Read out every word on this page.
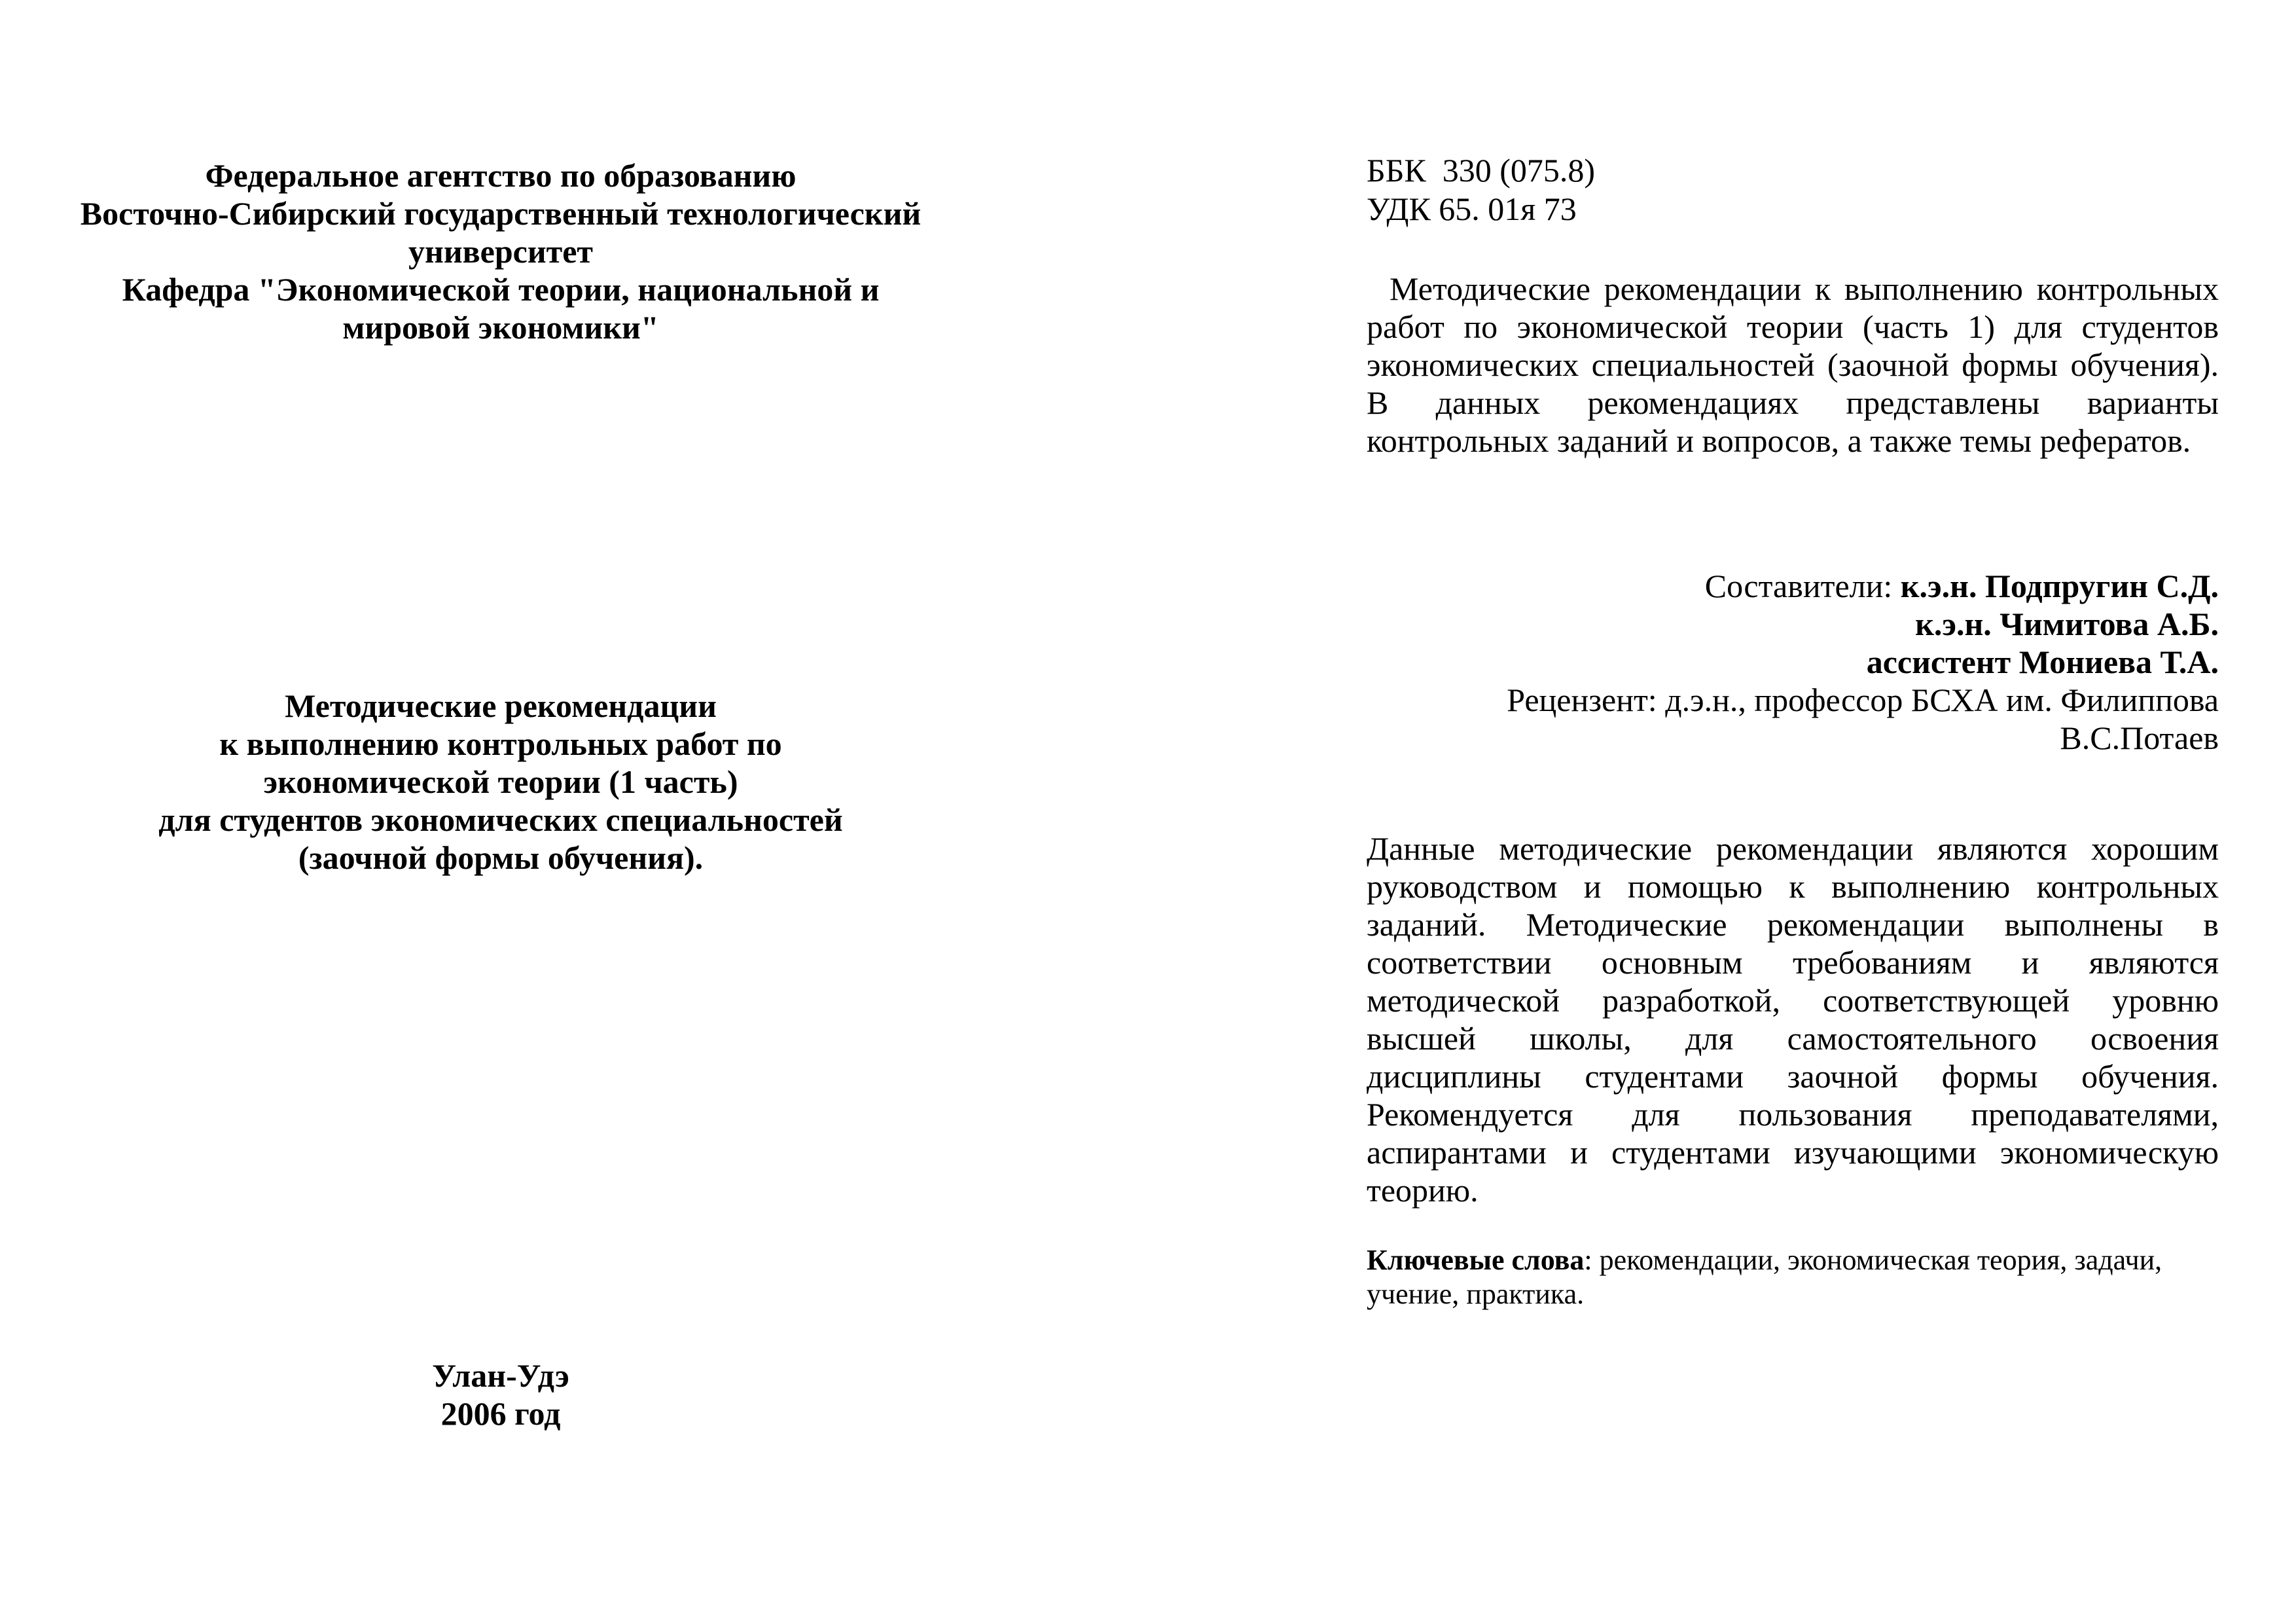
Федеральное агентство по образованию
Восточно-Сибирский государственный технологический
университет
Кафедра "Экономической теории, национальной и
мировой экономики"
Методические рекомендации
к выполнению контрольных работ по
экономической теории (1 часть)
для студентов экономических специальностей
(заочной формы обучения).
Улан-Удэ
2006 год
ББК  330 (075.8)
УДК 65. 01я 73

Методические рекомендации к выполнению контрольных работ по экономической теории (часть 1) для студентов экономических специальностей (заочной формы обучения). В данных рекомендациях представлены варианты контрольных заданий и вопросов, а также темы рефератов.

Составители: к.э.н. Подпругин С.Д.
к.э.н. Чимитова А.Б.
ассистент Мониева Т.А.
Рецензент: д.э.н., профессор БСХА им. Филиппова
В.С.Потаев

Данные методические рекомендации являются хорошим руководством и помощью к выполнению контрольных заданий. Методические рекомендации выполнены в соответствии основным требованиям и являются методической разработкой, соответствующей уровню высшей школы, для самостоятельного освоения дисциплины студентами заочной формы обучения. Рекомендуется для пользования преподавателями, аспирантами и студентами изучающими экономическую теорию.

Ключевые слова: рекомендации, экономическая теория, задачи, учение, практика.
